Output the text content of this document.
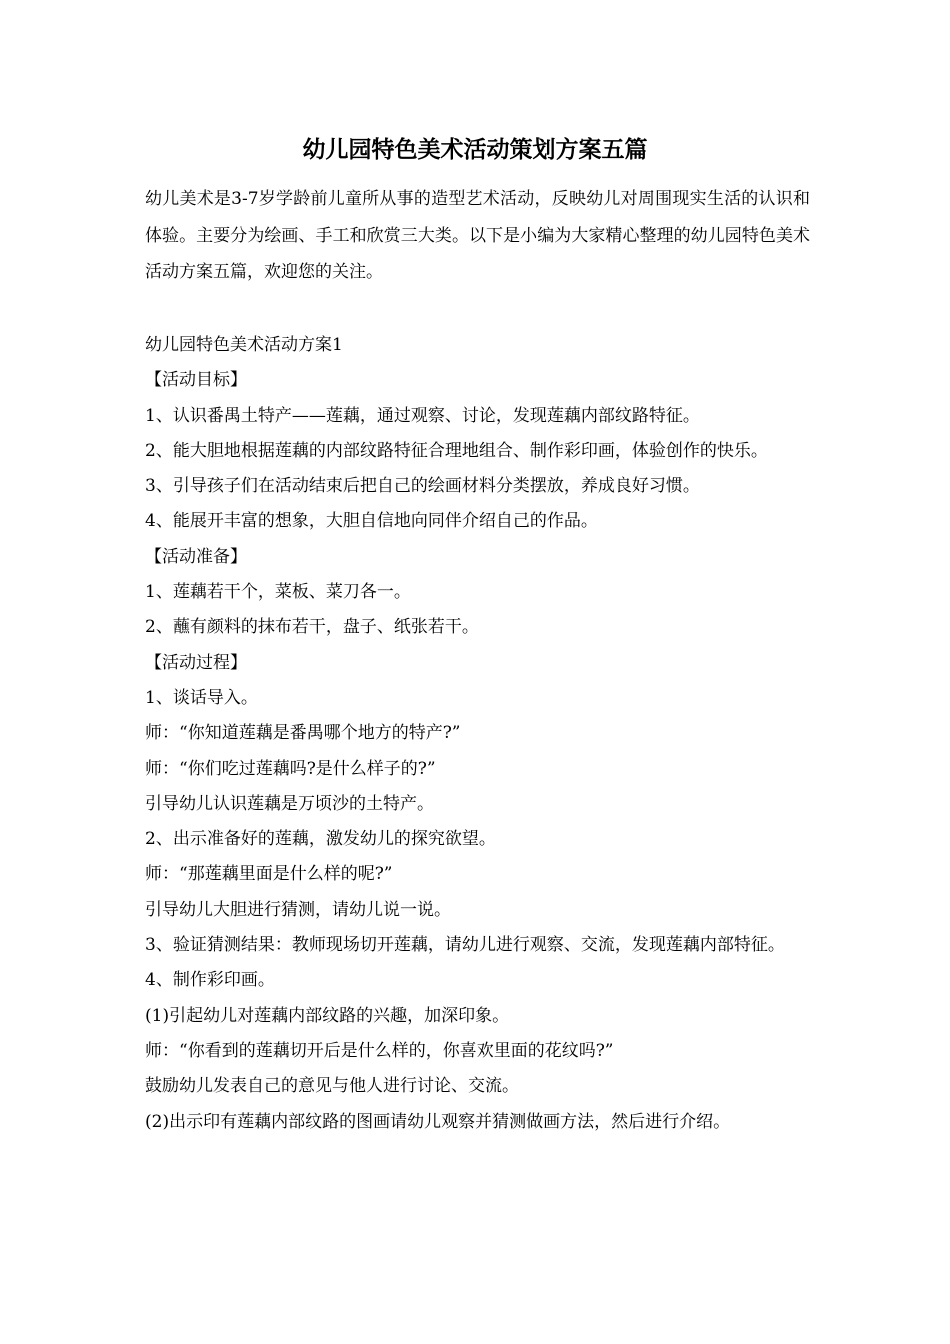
幼儿园特色美术活动策划方案五篇

幼儿美术是3-7岁学龄前儿童所从事的造型艺术活动，反映幼儿对周围现实生活的认识和体验。主要分为绘画、手工和欣赏三大类。以下是小编为大家精心整理的幼儿园特色美术活动方案五篇，欢迎您的关注。

幼儿园特色美术活动方案1

【活动目标】

1、认识番禺土特产——莲藕，通过观察、讨论，发现莲藕内部纹路特征。

2、能大胆地根据莲藕的内部纹路特征合理地组合、制作彩印画，体验创作的快乐。

3、引导孩子们在活动结束后把自己的绘画材料分类摆放，养成良好习惯。

4、能展开丰富的想象，大胆自信地向同伴介绍自己的作品。

【活动准备】

1、莲藕若干个，菜板、菜刀各一。

2、蘸有颜料的抹布若干，盘子、纸张若干。

【活动过程】

1、谈话导入。

师：“你知道莲藕是番禺哪个地方的特产?”

师：“你们吃过莲藕吗?是什么样子的?”

引导幼儿认识莲藕是万顷沙的土特产。

2、出示准备好的莲藕，激发幼儿的探究欲望。

师：“那莲藕里面是什么样的呢?”

引导幼儿大胆进行猜测，请幼儿说一说。

3、验证猜测结果：教师现场切开莲藕，请幼儿进行观察、交流，发现莲藕内部特征。

4、制作彩印画。

(1)引起幼儿对莲藕内部纹路的兴趣，加深印象。

师：“你看到的莲藕切开后是什么样的，你喜欢里面的花纹吗?”

鼓励幼儿发表自己的意见与他人进行讨论、交流。

(2)出示印有莲藕内部纹路的图画请幼儿观察并猜测做画方法，然后进行介绍。
